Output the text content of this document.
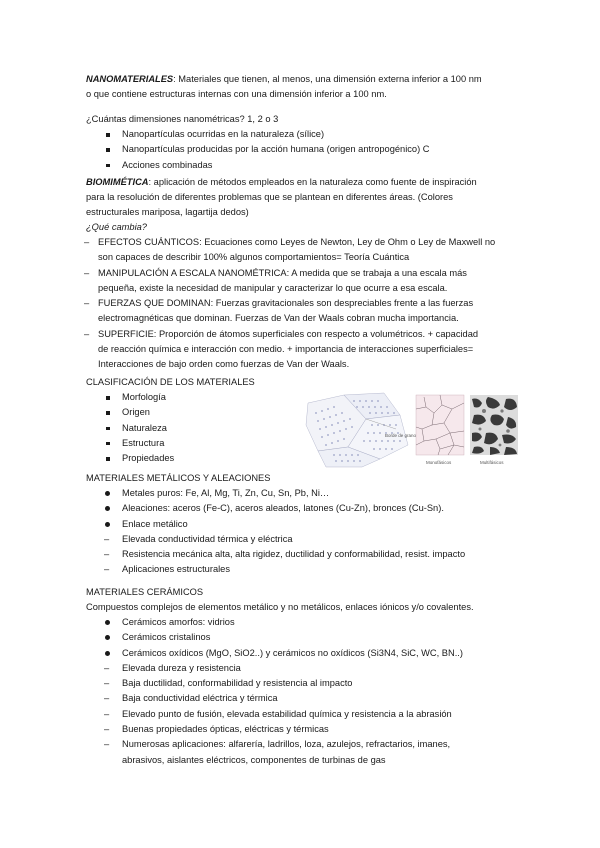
NANOMATERIALES: Materiales que tienen, al menos, una dimensión externa inferior a 100 nm
o que contiene estructuras internas con una dimensión inferior a 100 nm.
¿Cuántas dimensiones nanométricas? 1, 2 o 3
Nanopartículas ocurridas en la naturaleza (sílice)
Nanopartículas producidas por la acción humana (origen antropogénico) C
Acciones combinadas
BIOMIMÉTICA: aplicación de métodos empleados en la naturaleza como fuente de inspiración
para la resolución de diferentes problemas que se plantean en diferentes áreas. (Colores
estructurales mariposa, lagartija dedos)
¿Qué cambia?
– EFECTOS CUÁNTICOS: Ecuaciones como Leyes de Newton, Ley de Ohm o Ley de Maxwell no
son capaces de describir 100% algunos comportamientos= Teoría Cuántica
– MANIPULACIÓN A ESCALA NANOMÉTRICA: A medida que se trabaja a una escala más
pequeña, existe la necesidad de manipular y caracterizar lo que ocurre a esa escala.
– FUERZAS QUE DOMINAN: Fuerzas gravitacionales son despreciables frente a las fuerzas
electromagnéticas que dominan. Fuerzas de Van der Waals cobran mucha importancia.
– SUPERFICIE: Proporción de átomos superficiales con respecto a volumétricos. + capacidad
de reacción química e interacción con medio. + importancia de interacciones superficiales=
Interacciones de bajo orden como fuerzas de Van der Waals.
CLASIFICACIÓN DE LOS MATERIALES
Morfología
Origen
Naturaleza
Estructura
Propiedades
Borde de grano
Monofásicos	Multifásicos
MATERIALES METÁLICOS Y ALEACIONES
Metales puros: Fe, Al, Mg, Ti, Zn, Cu, Sn, Pb, Ni…
Aleaciones: aceros (Fe-C), aceros aleados, latones (Cu-Zn), bronces (Cu-Sn).
Enlace metálico
– Elevada conductividad térmica y eléctrica
– Resistencia mecánica alta, alta rigidez, ductilidad y conformabilidad, resist. impacto
– Aplicaciones estructurales
MATERIALES CERÁMICOS
Compuestos complejos de elementos metálico y no metálicos, enlaces iónicos y/o covalentes.
Cerámicos amorfos: vidrios
Cerámicos cristalinos
Cerámicos oxídicos (MgO, SiO2..) y cerámicos no oxídicos (Si3N4, SiC, WC, BN..)
– Elevada dureza y resistencia
– Baja ductilidad, conformabilidad y resistencia al impacto
– Baja conductividad eléctrica y térmica
– Elevado punto de fusión, elevada estabilidad química y resistencia a la abrasión
– Buenas propiedades ópticas, eléctricas y térmicas
– Numerosas aplicaciones: alfarería, ladrillos, loza, azulejos, refractarios, imanes,
abrasivos, aislantes eléctricos, componentes de turbinas de gas
